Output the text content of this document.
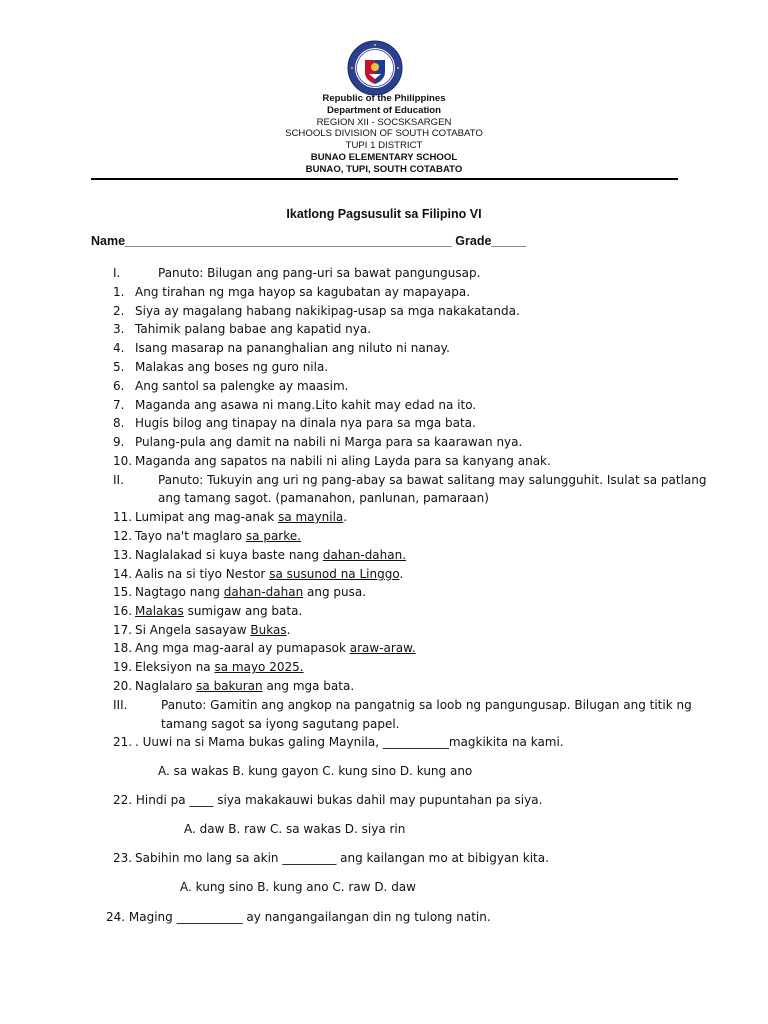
Republic of the Philippines
Department of Education
REGION XII - SOCSKSARGEN
SCHOOLS DIVISION OF SOUTH COTABATO
TUPI 1 DISTRICT
BUNAO ELEMENTARY SCHOOL
BUNAO, TUPI, SOUTH COTABATO
Ikatlong Pagsusulit sa Filipino VI
Name_______________________________________________ Grade_____
I.	Panuto: Bilugan ang pang-uri sa bawat pangungusap.
1. Ang tirahan ng mga hayop sa kagubatan ay mapayapa.
2. Siya ay magalang habang nakikipag-usap sa mga nakakatanda.
3. Tahimik palang babae ang kapatid nya.
4. Isang masarap na pananghalian ang niluto ni nanay.
5. Malakas ang boses ng guro nila.
6. Ang santol sa palengke ay maasim.
7. Maganda ang asawa ni mang.Lito kahit may edad na ito.
8. Hugis bilog ang tinapay na dinala nya para sa mga bata.
9. Pulang-pula ang damit na nabili ni Marga para sa kaarawan nya.
10. Maganda ang sapatos na nabili ni aling Layda para sa kanyang anak.
II.	Panuto: Tukuyin ang uri ng pang-abay sa bawat salitang may salungguhit. Isulat sa patlang
ang tamang sagot. (pamanahon, panlunan, pamaraan)
11. Lumipat ang mag-anak sa maynila.
12. Tayo na't maglaro sa parke.
13. Naglalakad si kuya baste nang dahan-dahan.
14. Aalis na si tiyo Nestor sa susunod na Linggo.
15. Nagtago nang dahan-dahan ang pusa.
16. Malakas sumigaw ang bata.
17. Si Angela sasayaw Bukas.
18. Ang mga mag-aaral ay pumapasok araw-araw.
19. Eleksiyon na sa mayo 2025.
20. Naglalaro sa bakuran ang mga bata.
III.	Panuto: Gamitin ang angkop na pangatnig sa loob ng pangungusap. Bilugan ang titik ng
tamang sagot sa iyong sagutang papel.
21. . Uuwi na si Mama bukas galing Maynila, ___________magkikita na kami.
A. sa wakas B. kung gayon C. kung sino D. kung ano
22. Hindi pa ____ siya makakauwi bukas dahil may pupuntahan pa siya.
A. daw B. raw C. sa wakas D. siya rin
23. Sabihin mo lang sa akin _________ ang kailangan mo at bibigyan kita.
A. kung sino B. kung ano C. raw D. daw
24. Maging ___________ ay nangangailangan din ng tulong natin.
